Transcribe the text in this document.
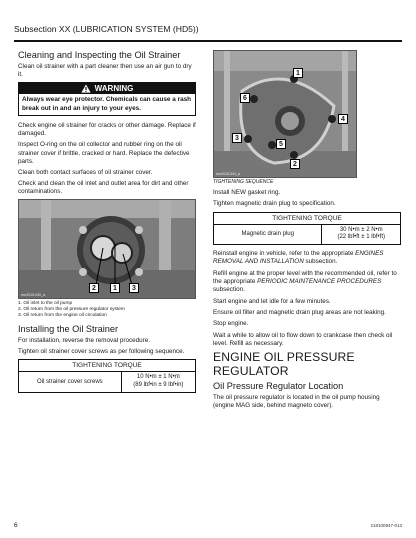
Subsection XX (LUBRICATION SYSTEM (HD5))
Cleaning and Inspecting the Oil Strainer

Clean oil strainer with a part cleaner then use an air gun to dry it.

WARNING
Always wear eye protector. Chemicals can cause a rash break out in and an injury to your eyes.

Check engine oil strainer for cracks or other damage. Replace if damaged.

Inspect O-ring on the oil collector and rubber ring on the oil strainer cover if brittle, cracked or hard. Replace the defective parts.

Clean both contact surfaces of oil strainer cover.

Check and clean the oil inlet and outlet area for dirt and other contaminations.

2	1	3
rmr2015-040_a
1. Oil inlet to the oil pump
2. Oil return from the oil pressure regulator system
3. Oil return from the engine oil circulation
Installing the Oil Strainer

For installation, reverse the removal procedure.

Tighten oil strainer cover screws as per following sequence.

TIGHTENING TORQUE
Oil strainer cover screws	
10 N•m ± 1 N•m
(89 lbf•in ± 9 lbf•in)
1
6
4
3
5
2
rmr2015-041_a
TIGHTENING SEQUENCE

Install NEW gasket ring.

Tighten magnetic drain plug to specification.

TIGHTENING TORQUE
Magnetic drain plug	
30 N•m ± 2 N•m
(22 lbf•ft ± 1 lbf•ft)

Reinstall engine in vehicle, refer to the appropriate ENGINES REMOVAL AND INSTALLATION subsection.

Refill engine at the proper level with the recommended oil, refer to the appropriate PERIODIC MAINTENANCE PROCEDURES subsection.

Start engine and let idle for a few minutes.

Ensure oil filter and magnetic drain plug areas are not leaking.

Stop engine.

Wait a while to allow oil to flow down to crankcase then check oil level. Refill as necessary.

ENGINE OIL PRESSURE REGULATOR
Oil Pressure Regulator Location

The oil pressure regulator is located in the oil pump housing (engine MAG side, behind magneto cover).

6	218100947-013
